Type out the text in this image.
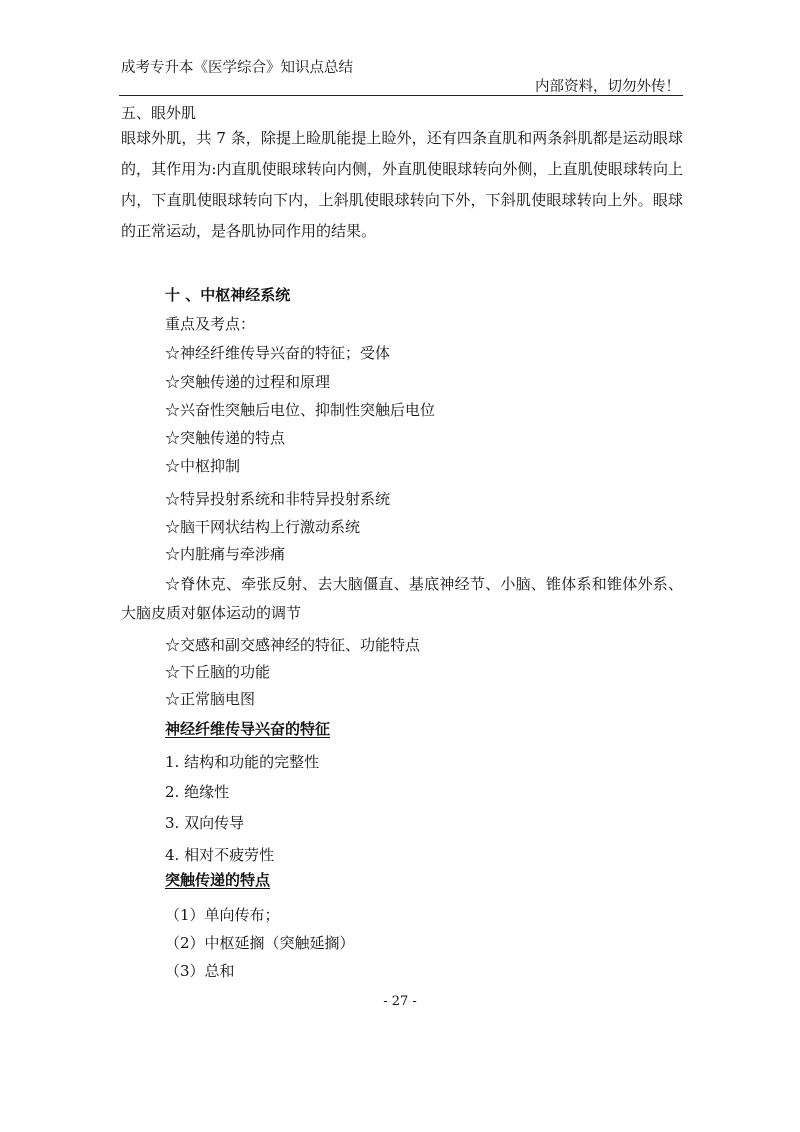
成考专升本《医学综合》知识点总结
内部资料，切勿外传！
五、眼外肌
眼球外肌，共 7 条，除提上睑肌能提上睑外，还有四条直肌和两条斜肌都是运动眼球的，其作用为:内直肌使眼球转向内侧，外直肌使眼球转向外侧，上直肌使眼球转向上内，下直肌使眼球转向下内，上斜肌使眼球转向下外，下斜肌使眼球转向上外。眼球的正常运动，是各肌协同作用的结果。
十 、中枢神经系统
重点及考点：
☆神经纤维传导兴奋的特征；受体
☆突触传递的过程和原理
☆兴奋性突触后电位、抑制性突触后电位
☆突触传递的特点
☆中枢抑制
☆特异投射系统和非特异投射系统
☆脑干网状结构上行激动系统
☆内脏痛与牵涉痛
☆脊休克、牵张反射、去大脑僵直、基底神经节、小脑、锥体系和锥体外系、大脑皮质对躯体运动的调节
☆交感和副交感神经的特征、功能特点
☆下丘脑的功能
☆正常脑电图
神经纤维传导兴奋的特征
1. 结构和功能的完整性
2. 绝缘性
3. 双向传导
4. 相对不疲劳性
突触传递的特点
（1）单向传布；
（2）中枢延搁（突触延搁）
（3）总和
- 27 -
